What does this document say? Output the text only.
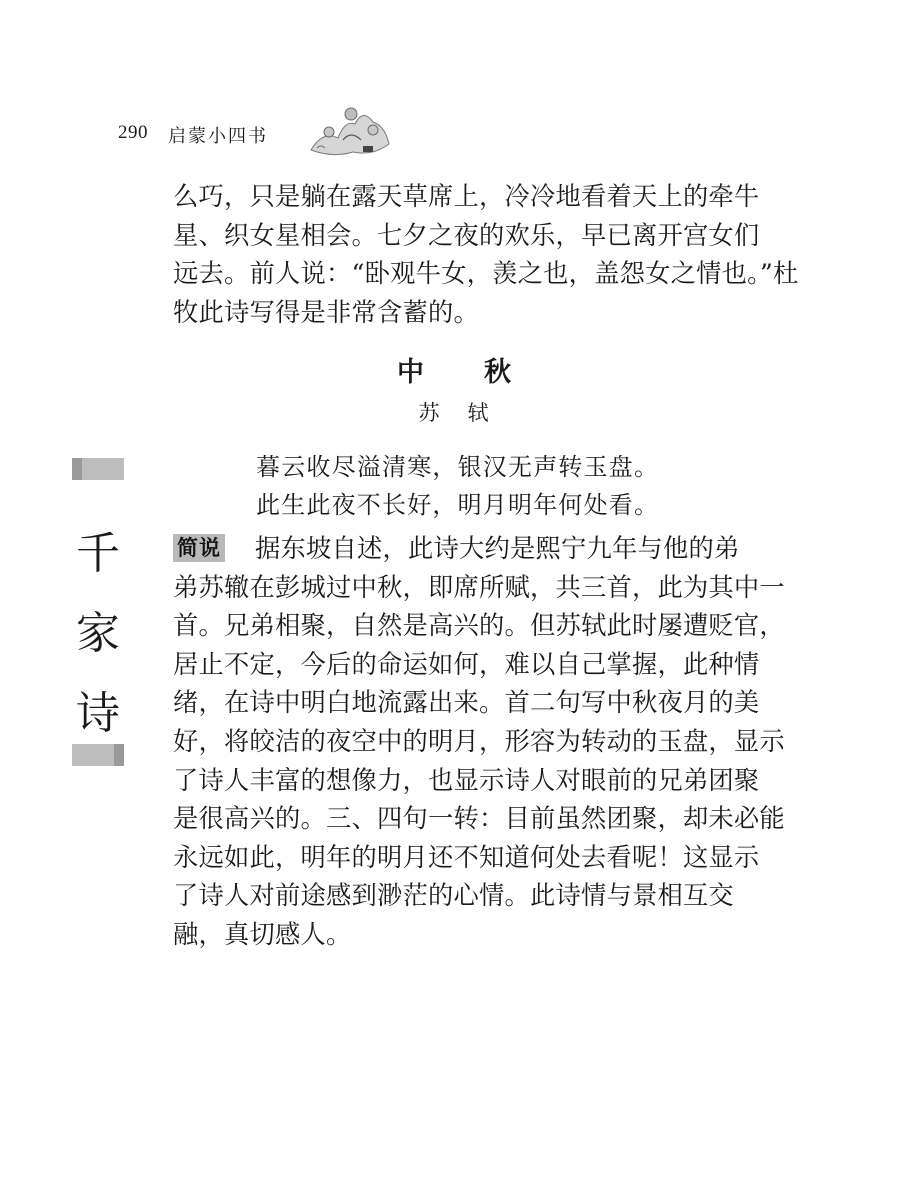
290 启蒙小四书
千
家
诗
么巧，只是躺在露天草席上，冷冷地看着天上的牵牛
星、织女星相会。七夕之夜的欢乐，早已离开宫女们
远去。前人说：“卧观牛女，羡之也，盖怨女之情也。”杜
牧此诗写得是非常含蓄的。
中秋
苏轼
暮云收尽溢清寒，银汉无声转玉盘。
此生此夜不长好，明月明年何处看。
简说 据东坡自述，此诗大约是熙宁九年与他的弟
弟苏辙在彭城过中秋，即席所赋，共三首，此为其中一
首。兄弟相聚，自然是高兴的。但苏轼此时屡遭贬官，
居止不定，今后的命运如何，难以自己掌握，此种情
绪，在诗中明白地流露出来。首二句写中秋夜月的美
好，将皎洁的夜空中的明月，形容为转动的玉盘，显示
了诗人丰富的想像力，也显示诗人对眼前的兄弟团聚
是很高兴的。三、四句一转：目前虽然团聚，却未必能
永远如此，明年的明月还不知道何处去看呢！这显示
了诗人对前途感到渺茫的心情。此诗情与景相互交
融，真切感人。
